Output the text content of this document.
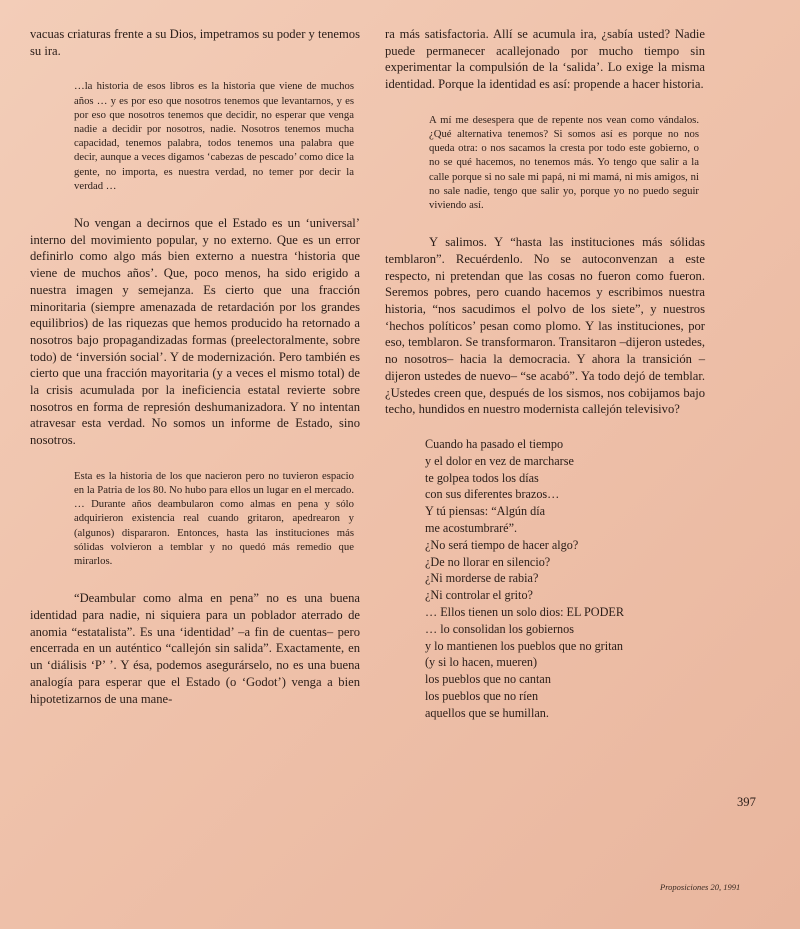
vacuas criaturas frente a su Dios, impetramos su poder y tenemos su ira.

…la historia de esos libros es la historia que viene de muchos años … y es por eso que nosotros tenemos que levantarnos, y es por eso que nosotros tenemos que decidir, no esperar que venga nadie a decidir por nosotros, nadie. Nosotros tenemos mucha capacidad, tenemos palabra, todos tenemos una palabra que decir, aunque a veces digamos ‘cabezas de pescado’ como dice la gente, no importa, es nuestra verdad, no temer por decir la verdad …

No vengan a decirnos que el Estado es un ‘universal’ interno del movimiento popular, y no externo. Que es un error definirlo como algo más bien externo a nuestra ‘historia que viene de muchos años’. Que, poco menos, ha sido erigido a nuestra imagen y semejanza. Es cierto que una fracción minoritaria (siempre amenazada de retardación por los grandes equilibrios) de las riquezas que hemos producido ha retornado a nosotros bajo propagandizadas formas (preelectoralmente, sobre todo) de ‘inversión social’. Y de modernización. Pero también es cierto que una fracción mayoritaria (y a veces el mismo total) de la crisis acumulada por la ineficiencia estatal revierte sobre nosotros en forma de represión deshumanizadora. Y no intentan atravesar esta verdad. No somos un informe de Estado, sino nosotros.

Esta es la historia de los que nacieron pero no tuvieron espacio en la Patria de los 80. No hubo para ellos un lugar en el mercado. … Durante años deambularon como almas en pena y sólo adquirieron existencia real cuando gritaron, apedrearon y (algunos) dispararon. Entonces, hasta las instituciones más sólidas volvieron a temblar y no quedó más remedio que mirarlos.

“Deambular como alma en pena” no es una buena identidad para nadie, ni siquiera para un poblador aterrado de anomia “estatalista”. Es una ‘identidad’ –a fin de cuentas– pero encerrada en un auténtico “callejón sin salida”. Exactamente, en un ‘diálisis ‘P’ ’. Y ésa, podemos asegurárselo, no es una buena analogía para esperar que el Estado (o ‘Godot’) venga a bien hipotetizarnos de una mane-

ra más satisfactoria. Allí se acumula ira, ¿sabía usted? Nadie puede permanecer acallejonado por mucho tiempo sin experimentar la compulsión de la ‘salida’. Lo exige la misma identidad. Porque la identidad es así: propende a hacer historia.

A mí me desespera que de repente nos vean como vándalos. ¿Qué alternativa tenemos? Si somos así es porque no nos queda otra: o nos sacamos la cresta por todo este gobierno, o no se qué hacemos, no tenemos más. Yo tengo que salir a la calle porque si no sale mi papá, ni mi mamá, ni mis amigos, ni no sale nadie, tengo que salir yo, porque yo no puedo seguir viviendo así.

Y salimos. Y “hasta las instituciones más sólidas temblaron”. Recuérdenlo. No se autoconvenzan a este respecto, ni pretendan que las cosas no fueron como fueron. Seremos pobres, pero cuando hacemos y escribimos nuestra historia, “nos sacudimos el polvo de los siete”, y nuestros ‘hechos políticos’ pesan como plomo. Y las instituciones, por eso, temblaron. Se transformaron. Transitaron –dijeron ustedes, no nosotros– hacia la democracia. Y ahora la transición –dijeron ustedes de nuevo– “se acabó”. Ya todo dejó de temblar. ¿Ustedes creen que, después de los sismos, nos cobijamos bajo techo, hundidos en nuestro modernista callejón televisivo?

Cuando ha pasado el tiempo
y el dolor en vez de marcharse
te golpea todos los días
con sus diferentes brazos…
Y tú piensas: “Algún día
me acostumbraré”.
¿No será tiempo de hacer algo?
¿De no llorar en silencio?
¿Ni morderse de rabia?
¿Ni controlar el grito?
… Ellos tienen un solo dios: EL PODER
… lo consolidan los gobiernos
y lo mantienen los pueblos que no gritan
(y si lo hacen, mueren)
los pueblos que no cantan
los pueblos que no ríen
aquellos que se humillan.
397
Proposiciones 20, 1991
